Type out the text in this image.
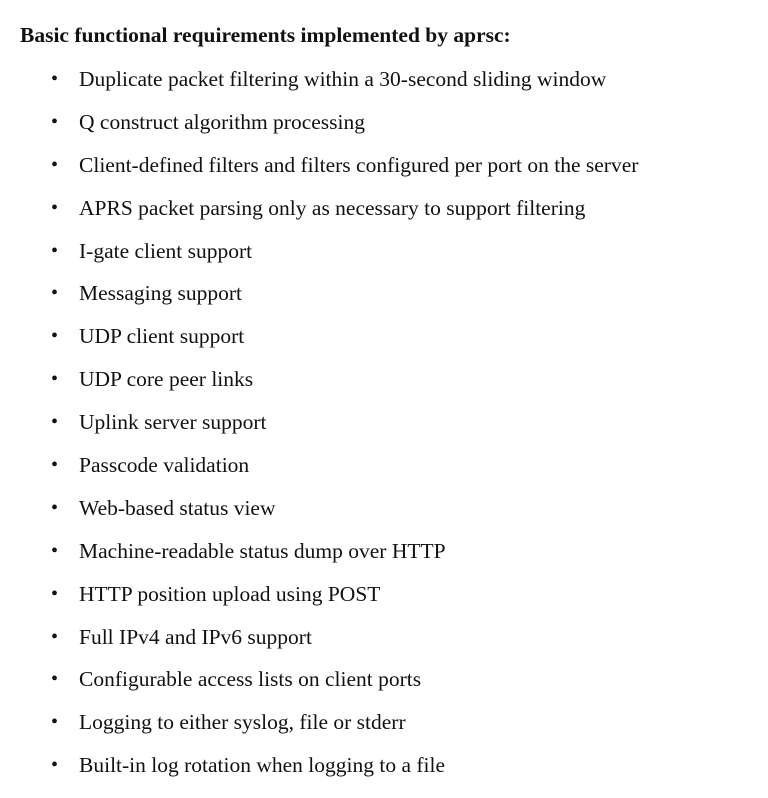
Basic functional requirements implemented by aprsc:
• Duplicate packet filtering within a 30-second sliding window
• Q construct algorithm processing
• Client-defined filters and filters configured per port on the server
• APRS packet parsing only as necessary to support filtering
• I-gate client support
• Messaging support
• UDP client support
• UDP core peer links
• Uplink server support
• Passcode validation
• Web-based status view
• Machine-readable status dump over HTTP
• HTTP position upload using POST
• Full IPv4 and IPv6 support
• Configurable access lists on client ports
• Logging to either syslog, file or stderr
• Built-in log rotation when logging to a file
